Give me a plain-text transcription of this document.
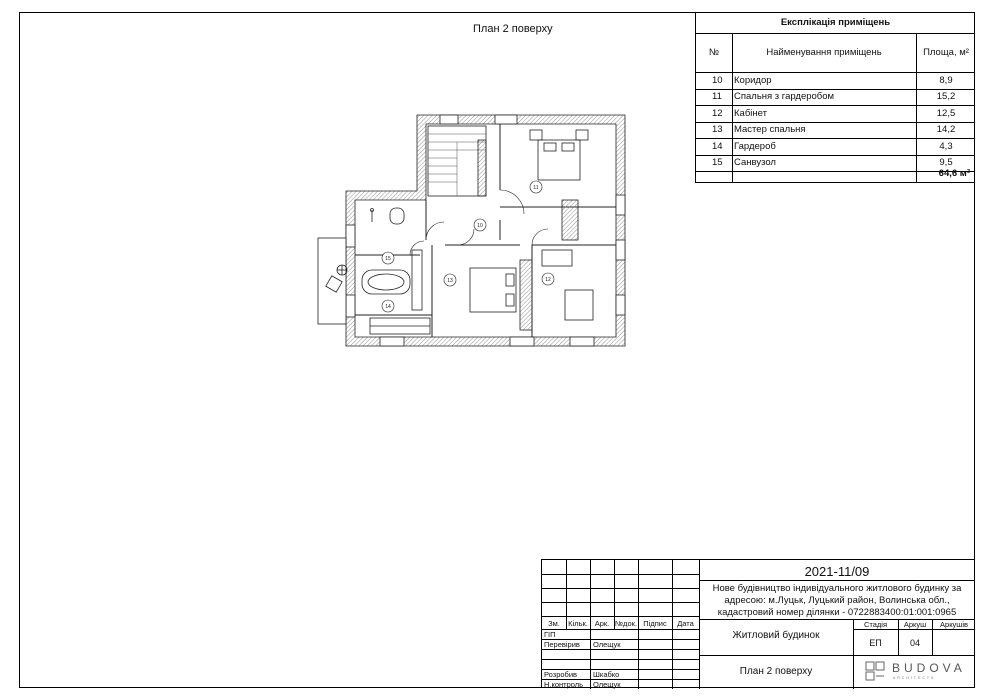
План 2 поверху
Експлікація приміщень
№	Найменування приміщень	Площа, м²
10	Коридор	8,9
11	Спальня з гардеробом	15,2
12	Кабінет	12,5
13	Мастер спальня	14,2
14	Гардероб	4,3
15	Санвузол	9,5
64,6 м²
10
11
12
13
14
15
Зм.	Кільк. Арк. №док. Підпис	Дата
ГІП
Перевірив Олещук
Розробив Шкабко
Н.контроль Олещук
2021-11/09
Нове будівництво індивідуального житлового будинку за
адресою: м.Луцьк, Луцький район, Волинська обл.,
кадастровий номер ділянки - 0722883400:01:001:0965
Житловий будинок
Стадія	Аркуш	Аркушів
ЕП	04
План 2 поверху	BUDOVA
ARCHITECTS
